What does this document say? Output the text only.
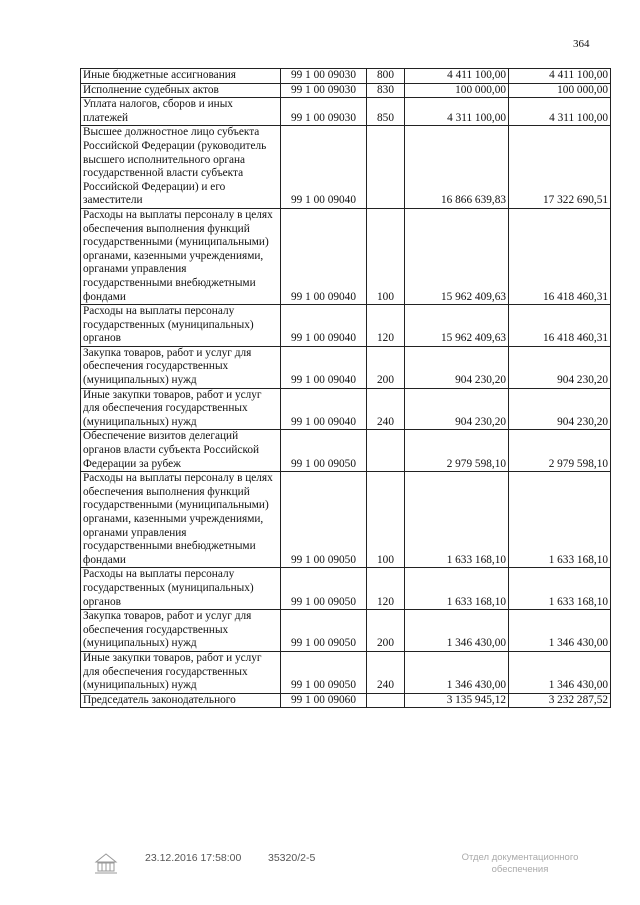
364
Иные бюджетные ассигнования	99 1 00 09030	800	4 411 100,00	4 411 100,00
Исполнение судебных актов	99 1 00 09030	830	100 000,00	100 000,00
Уплата налогов, сборов и иных платежей	99 1 00 09030	850	4 311 100,00	4 311 100,00
Высшее должностное лицо субъекта Российской Федерации (руководитель высшего исполнительного органа государственной власти субъекта Российской Федерации) и его заместители	99 1 00 09040		16 866 639,83	17 322 690,51
Расходы на выплаты персоналу в целях обеспечения выполнения функций государственными (муниципальными) органами, казенными учреждениями, органами управления государственными внебюджетными фондами	99 1 00 09040	100	15 962 409,63	16 418 460,31
Расходы на выплаты персоналу государственных (муниципальных) органов	99 1 00 09040	120	15 962 409,63	16 418 460,31
Закупка товаров, работ и услуг для обеспечения государственных (муниципальных) нужд	99 1 00 09040	200	904 230,20	904 230,20
Иные закупки товаров, работ и услуг для обеспечения государственных (муниципальных) нужд	99 1 00 09040	240	904 230,20	904 230,20
Обеспечение визитов делегаций органов власти субъекта Российской Федерации за рубеж	99 1 00 09050		2 979 598,10	2 979 598,10
Расходы на выплаты персоналу в целях обеспечения выполнения функций государственными (муниципальными) органами, казенными учреждениями, органами управления государственными внебюджетными фондами	99 1 00 09050	100	1 633 168,10	1 633 168,10
Расходы на выплаты персоналу государственных (муниципальных) органов	99 1 00 09050	120	1 633 168,10	1 633 168,10
Закупка товаров, работ и услуг для обеспечения государственных (муниципальных) нужд	99 1 00 09050	200	1 346 430,00	1 346 430,00
Иные закупки товаров, работ и услуг для обеспечения государственных (муниципальных) нужд	99 1 00 09050	240	1 346 430,00	1 346 430,00
Председатель законодательного	99 1 00 09060		3 135 945,12	3 232 287,52
23.12.2016 17:58:00	35320/2-5	Отдел документационного обеспечения
